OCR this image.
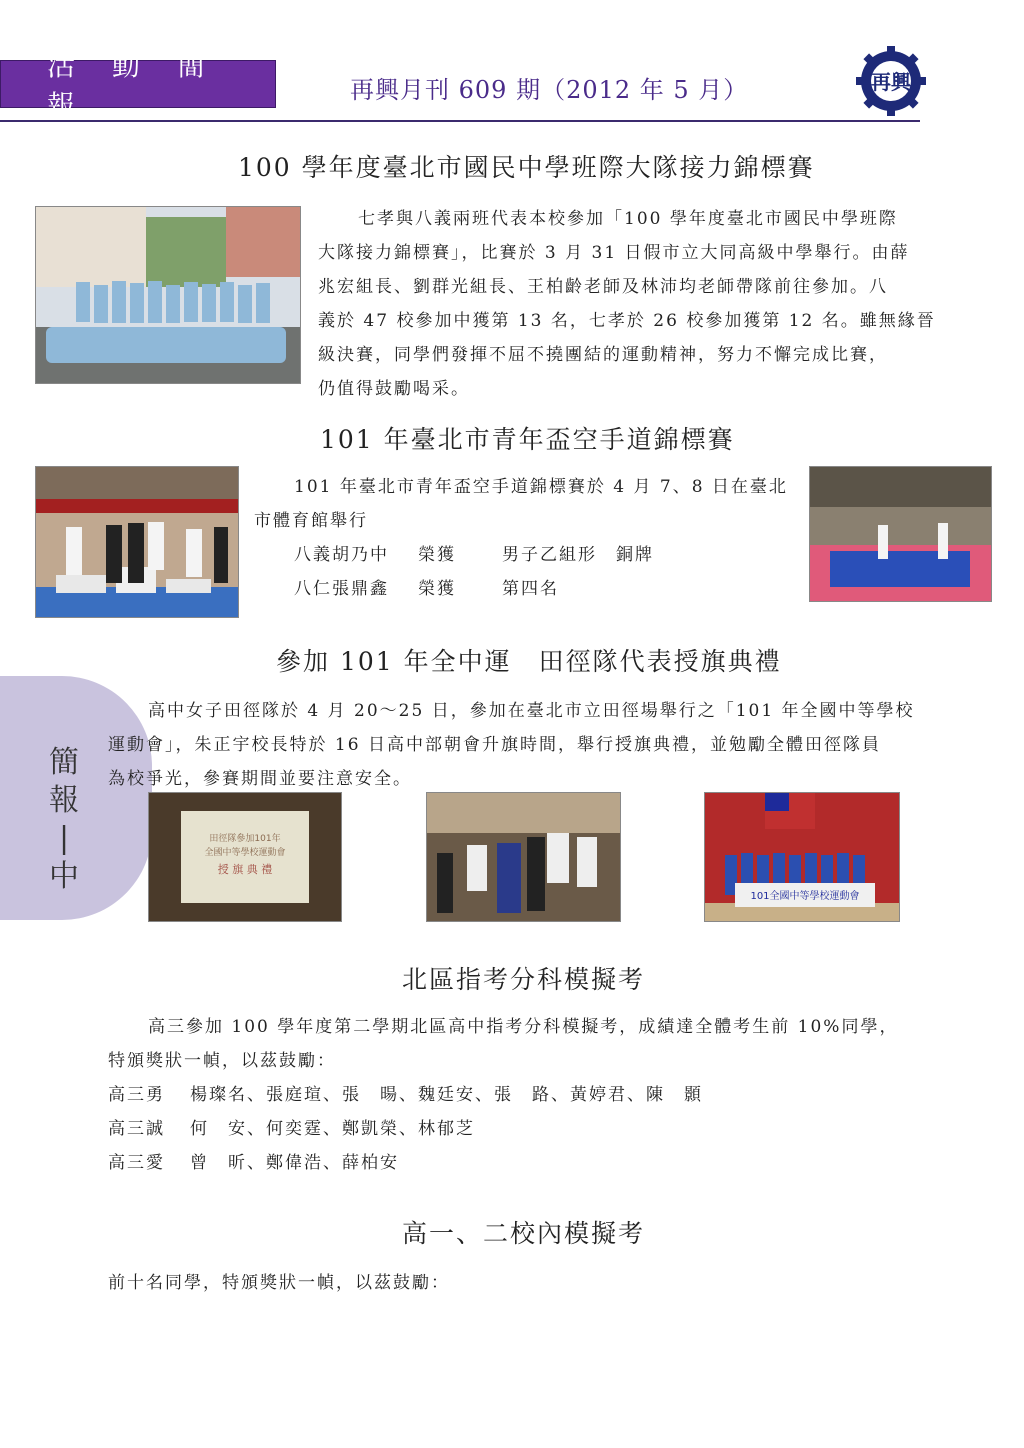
活 動 簡 報	再興月刊 609 期（2012 年 5 月）	再興
簡
報
|
中
100 學年度臺北市國民中學班際大隊接力錦標賽
七孝與八義兩班代表本校參加「100 學年度臺北市國民中學班際
大隊接力錦標賽」，比賽於 3 月 31 日假市立大同高級中學舉行。由薛
兆宏組長、劉群光組長、王柏齡老師及林沛均老師帶隊前往參加。八
義於 47 校參加中獲第 13 名，七孝於 26 校參加獲第 12 名。雖無緣晉
級決賽，同學們發揮不屈不撓團結的運動精神，努力不懈完成比賽，
仍值得鼓勵喝采。
101 年臺北市青年盃空手道錦標賽
101 年臺北市青年盃空手道錦標賽於 4 月 7、8 日在臺北
市體育館舉行
八義胡乃中 榮獲	男子乙組形　銅牌
八仁張鼎鑫 榮獲	第四名
參加 101 年全中運　田徑隊代表授旗典禮
高中女子田徑隊於 4 月 20～25 日，參加在臺北市立田徑場舉行之「101 年全國中等學校
運動會」，朱正宇校長特於 16 日高中部朝會升旗時間，舉行授旗典禮，並勉勵全體田徑隊員
為校爭光，參賽期間並要注意安全。
田徑隊參加101年
全國中等學校運動會
授 旗 典 禮
101全國中等學校運動會
北區指考分科模擬考
高三參加 100 學年度第二學期北區高中指考分科模擬考，成績達全體考生前 10%同學，
特頒獎狀一幀，以茲鼓勵：
高三勇 楊璨名、張庭瑄、張　暘、魏廷安、張　路、黃婷君、陳　顥
高三誠 何　安、何奕霆、鄭凱榮、林郁芝
高三愛 曾　昕、鄭偉浩、薛柏安
高一、二校內模擬考
前十名同學，特頒獎狀一幀，以茲鼓勵：
